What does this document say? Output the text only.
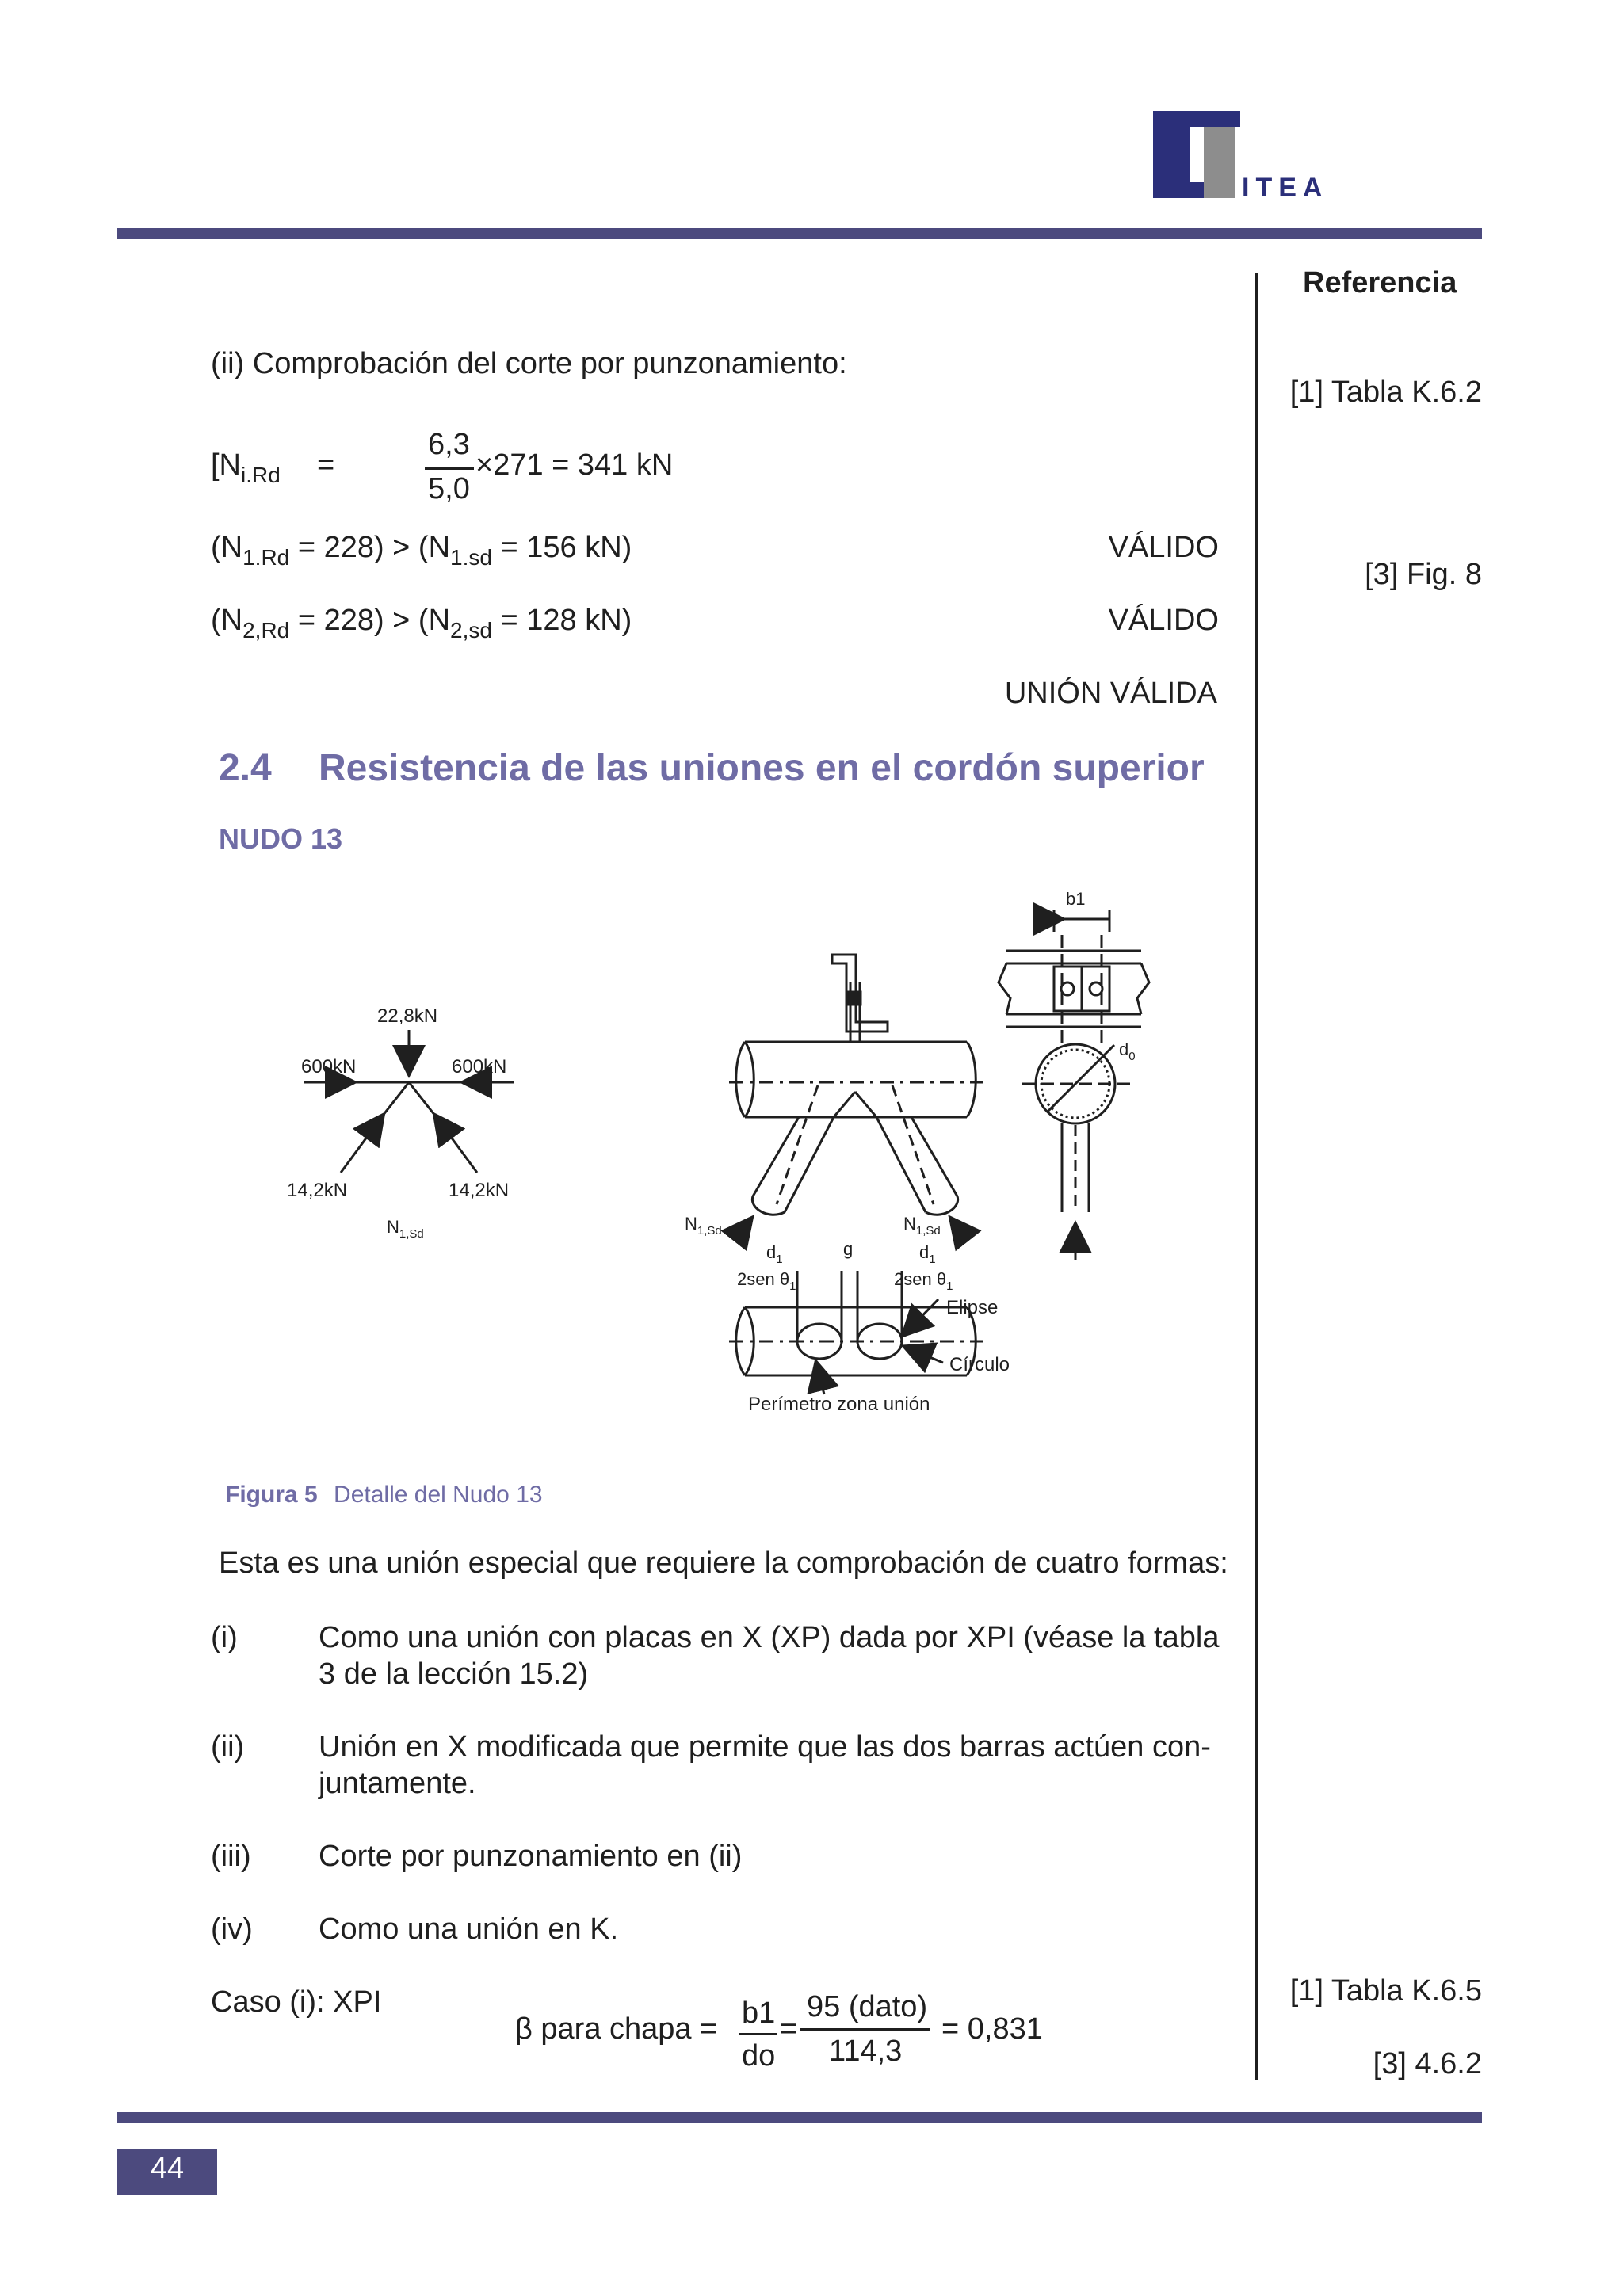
ITEA
Referencia
[1] Tabla K.6.2
[3] Fig. 8
[1] Tabla K.6.5
[3] 4.6.2
(ii) Comprobación del corte por punzonamiento:
[$N_{i.Rd}$ =
6,3
5,0
×271 = 341 kN
$(N_{1.Rd} = 228) > (N_{1.sd} = 156$ kN)	VÁLIDO
$(N_{2,Rd} = 228) > (N_{2,sd} = 128$ kN)	VÁLIDO
UNIÓN VÁLIDA
2.4 Resistencia de las uniones en el cordón superior
NUDO 13
22,8kN
600kN	600kN
14,2kN	14,2kN
$N_{1,Sd}$
$N_{1,Sd}$	$N_{1,Sd}$
b1
$d_0$
$d_1$
g	$d_1$
2sen $\theta_1$	2sen $\theta_1$
Elipse
Círculo
Perímetro zona unión
Figura 5 Detalle del Nudo 13
Esta es una unión especial que requiere la comprobación de cuatro formas:
(i)	Como una unión con placas en X (XP) dada por XPI (véase la tabla
3 de la lección 15.2)
(ii) Unión en X modificada que permite que las dos barras actúen con-
juntamente.
(iii) Corte por punzonamiento en (ii)
(iv) Como una unión en K.
Caso (i): XPI
β para chapa = b1
do
=
95 (dato)
114,3
= 0,831
44
